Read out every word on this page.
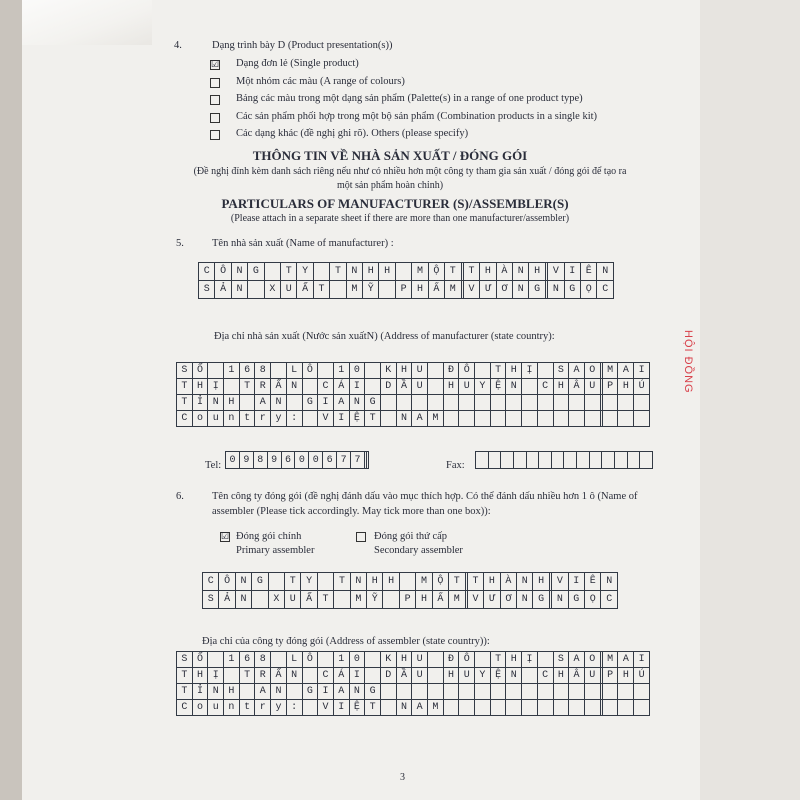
HỘI ĐỒNG
4.	Dạng trình bày D (Product presentation(s))
☑ Dạng đơn lẻ (Single product)
Một nhóm các màu (A range of colours)
Bảng các màu trong một dạng sản phẩm (Palette(s) in a range of one product type)
Các sản phẩm phối hợp trong một bộ sản phẩm (Combination products in a single kit)
Các dạng khác (đề nghị ghi rõ). Others (please specify)
THÔNG TIN VỀ NHÀ SẢN XUẤT / ĐÓNG GÓI
(Đề nghị đính kèm danh sách riêng nếu như có nhiều hơn một công ty tham gia sản xuất / đóng gói để tạo ra
một sản phẩm hoàn chỉnh)
PARTICULARS OF MANUFACTURER (S)/ASSEMBLER(S)
(Please attach in a separate sheet if there are more than one manufacturer/assembler)
5.	Tên nhà sản xuất (Name of manufacturer) :
C	Ô	N	G		T	Y		T	N	H	H		M	Ộ	T		T	H	À	N	H		V	I	Ê	N
S	Ả	N		X	U	Ấ	T		M	Ỹ		P	H	Ẩ	M		V	Ư	Ơ	N	G		N	G	Ọ	C
Địa chỉ nhà sản xuất (Nước sản xuấtN) (Address of manufacturer (state country):
S	Ố		1	6	8		L	Ô		1	0		K	H	U		Đ	Ô		T	H	Ị		S	A	O		M	A	I
T	H	Ị		T	R	Ấ	N		C	Á	I		D	Ầ	U		H	U	Y	Ệ	N		C	H	Â	U		P	H	Ú
T	Ỉ	N	H		A	N		G	I	A	N	G																		
C	o	u	n	t	r	y	:		V	I	Ệ	T		N	A	M														
Tel: 0	9	8	9	6	0	0	6	7	7			Fax:

6.	Tên công ty đóng gói (đề nghị đánh dấu vào mục thích hợp. Có thể đánh dấu nhiều hơn 1 ô (Name of
assembler (Please tick accordingly. May tick more than one box)):
☑ Đóng gói chính
Primary assembler
Đóng gói thứ cấp
Secondary assembler
C	Ô	N	G		T	Y		T	N	H	H		M	Ộ	T		T	H	À	N	H		V	I	Ê	N
S	Ả	N		X	U	Ấ	T		M	Ỹ		P	H	Ẩ	M		V	Ư	Ơ	N	G		N	G	Ọ	C
Địa chỉ của công ty đóng gói (Address of assembler (state country)):
S	Ố		1	6	8		L	Ô		1	0		K	H	U		Đ	Ô		T	H	Ị		S	A	O		M	A	I
T	H	Ị		T	R	Ấ	N		C	Á	I		D	Ầ	U		H	U	Y	Ệ	N		C	H	Â	U		P	H	Ú
T	Ỉ	N	H		A	N		G	I	A	N	G																		
C	o	u	n	t	r	y	:		V	I	Ệ	T		N	A	M														
3
